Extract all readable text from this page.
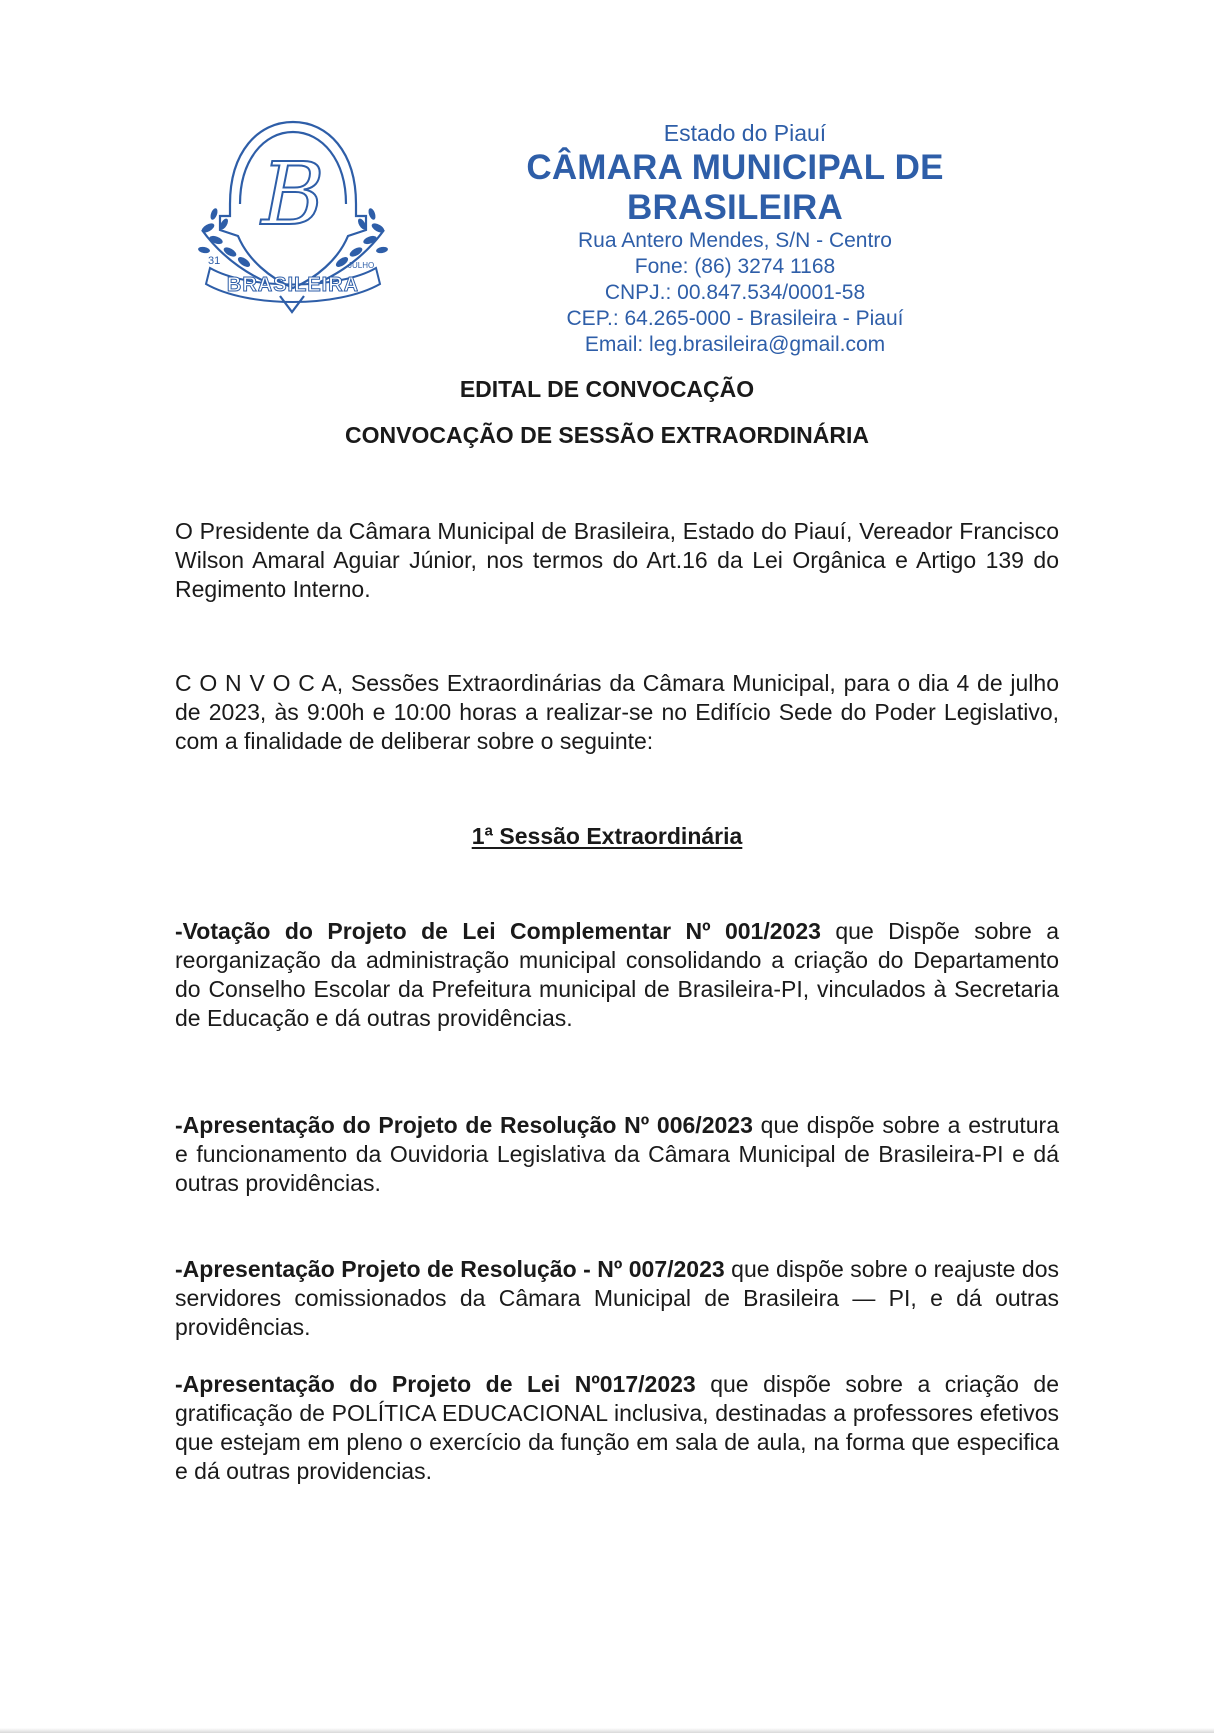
B
BRASILEIRA
31	JULHO
Estado do Piauí
CÂMARA MUNICIPAL DE BRASILEIRA
Rua Antero Mendes, S/N - Centro
Fone: (86) 3274 1168
CNPJ.: 00.847.534/0001-58
CEP.: 64.265-000 - Brasileira - Piauí
Email: leg.brasileira@gmail.com
EDITAL DE CONVOCAÇÃO
CONVOCAÇÃO DE SESSÃO EXTRAORDINÁRIA
O Presidente da Câmara Municipal de Brasileira, Estado do Piauí, Vereador Francisco Wilson Amaral Aguiar Júnior, nos termos do Art.16 da Lei Orgânica e Artigo 139 do Regimento Interno.
C O N V O C A, Sessões Extraordinárias da Câmara Municipal, para o dia 4 de julho de 2023, às 9:00h e 10:00 horas a realizar-se no Edifício Sede do Poder Legislativo, com a finalidade de deliberar sobre o seguinte:
1ª Sessão Extraordinária
-Votação do Projeto de Lei Complementar Nº 001/2023 que Dispõe sobre a reorganização da administração municipal consolidando a criação do Departamento do Conselho Escolar da Prefeitura municipal de Brasileira-PI, vinculados à Secretaria de Educação e dá outras providências.
-Apresentação do Projeto de Resolução Nº 006/2023 que dispõe sobre a estrutura e funcionamento da Ouvidoria Legislativa da Câmara Municipal de Brasileira-PI e dá outras providências.
-Apresentação Projeto de Resolução - Nº 007/2023 que dispõe sobre o reajuste dos servidores comissionados da Câmara Municipal de Brasileira — PI, e dá outras providências.
-Apresentação do Projeto de Lei Nº017/2023 que dispõe sobre a criação de gratificação de POLÍTICA EDUCACIONAL inclusiva, destinadas a professores efetivos que estejam em pleno o exercício da função em sala de aula, na forma que especifica e dá outras providencias.
